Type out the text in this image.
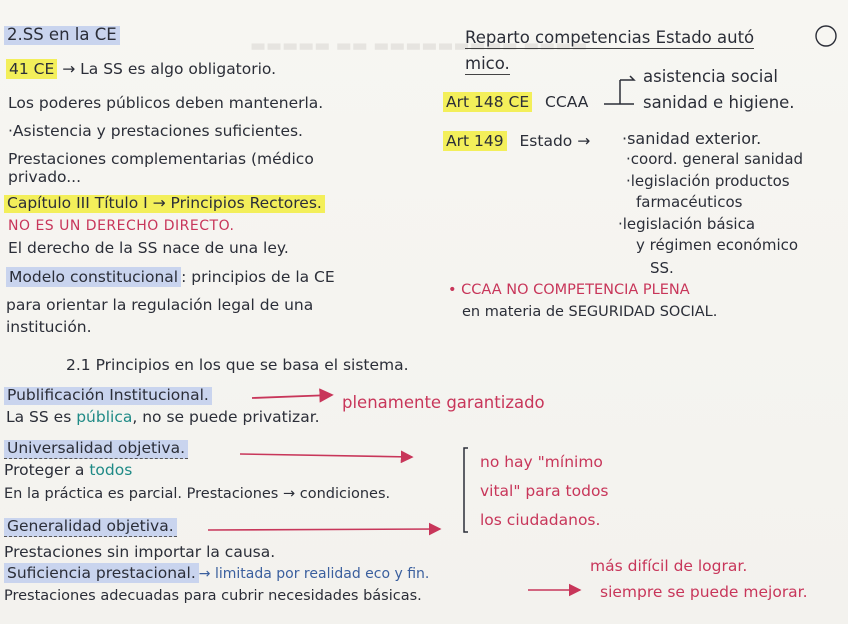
▬▬▬▬▬ ▬▬ ▬▬▬▬▬▬▬▬▬ ▬▬▬▬
2.SS en la CE
41 CE → La SS es algo obligatorio.
Los poderes públicos deben mantenerla.
·Asistencia y prestaciones suficientes.
Prestaciones complementarias (médico
privado...
Capítulo III Título I → Principios Rectores.
NO ES UN DERECHO DIRECTO.
El derecho de la SS nace de una ley.
Modelo constitucional : principios de la CE
para orientar la regulación legal de una
institución.
2.1 Principios en los que se basa el sistema.
Publificación Institucional.	plenamente garantizado
La SS es pública, no se puede privatizar.
Universalidad objetiva.
Proteger a todos
En la práctica es parcial. Prestaciones → condiciones.
Generalidad objetiva.
Prestaciones sin importar la causa.
Suficiencia prestacional. → limitada por realidad eco y fin.
Prestaciones adecuadas para cubrir necesidades básicas.
no hay "mínimo
vital" para todos
los ciudadanos.
más difícil de lograr.
siempre se puede mejorar.
Reparto competencias Estado autó
mico.
Art 148 CE CCAA
asistencia social
sanidad e higiene.
Art 149 Estado → ·sanidad exterior.
·coord. general sanidad
·legislación productos
farmacéuticos
·legislación básica
y régimen económico
SS.
• CCAA NO COMPETENCIA PLENA
en materia de SEGURIDAD SOCIAL.
